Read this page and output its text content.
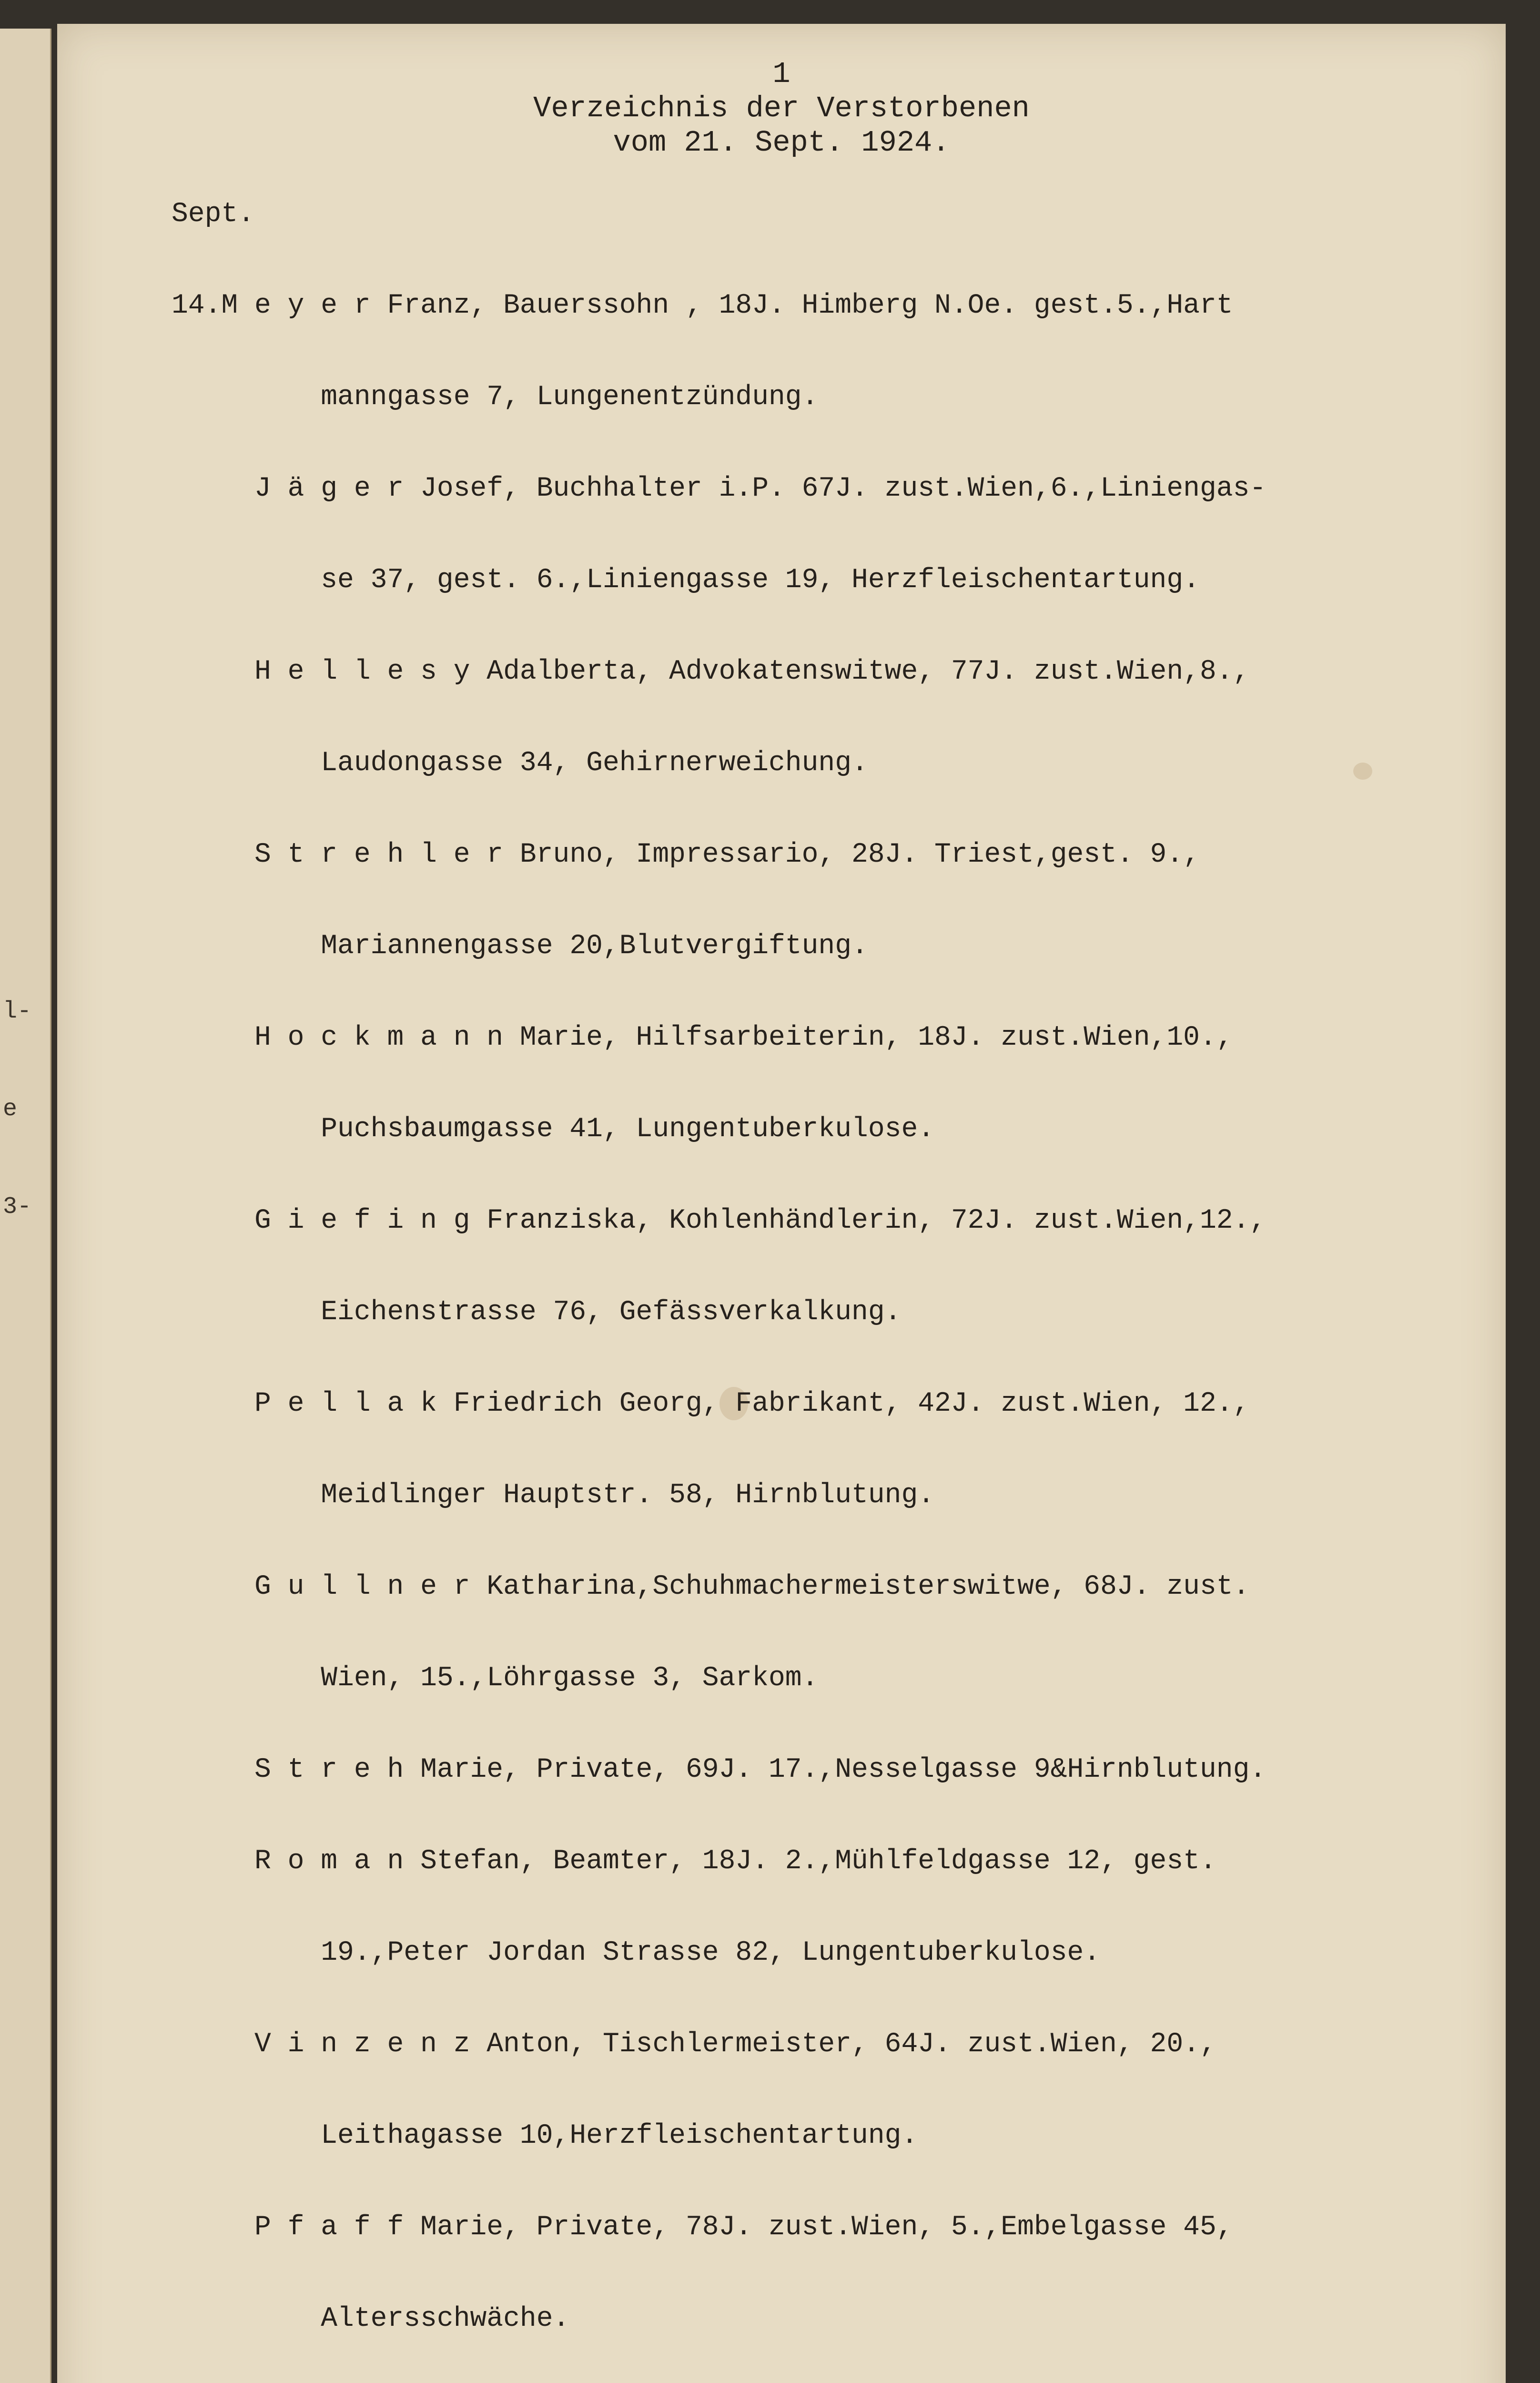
l-
e
3-
1
Verzeichnis der Verstorbenen
vom 21. Sept. 1924.

Sept.

14.M e y e r Franz, Bauerssohn , 18J. Himberg N.Oe. gest.5.,Hart

manngasse 7, Lungenentzündung.

J ä g e r Josef, Buchhalter i.P. 67J. zust.Wien,6.,Liniengas-

se 37, gest. 6.,Liniengasse 19, Herzfleischentartung.

H e l l e s y Adalberta, Advokatenswitwe, 77J. zust.Wien,8.,

Laudongasse 34, Gehirnerweichung.

S t r e h l e r Bruno, Impressario, 28J. Triest,gest. 9.,

Mariannengasse 20,Blutvergiftung.

H o c k m a n n Marie, Hilfsarbeiterin, 18J. zust.Wien,10.,

Puchsbaumgasse 41, Lungentuberkulose.

G i e f i n g Franziska, Kohlenhändlerin, 72J. zust.Wien,12.,

Eichenstrasse 76, Gefässverkalkung.

P e l l a k Friedrich Georg, Fabrikant, 42J. zust.Wien, 12.,

Meidlinger Hauptstr. 58, Hirnblutung.

G u l l n e r Katharina,Schuhmachermeisterswitwe, 68J. zust.

Wien, 15.,Löhrgasse 3, Sarkom.

S t r e h Marie, Private, 69J. 17.,Nesselgasse 9&Hirnblutung.

R o m a n Stefan, Beamter, 18J. 2.,Mühlfeldgasse 12, gest.

19.,Peter Jordan Strasse 82, Lungentuberkulose.

V i n z e n z Anton, Tischlermeister, 64J. zust.Wien, 20.,

Leithagasse 10,Herzfleischentartung.

P f a f f Marie, Private, 78J. zust.Wien, 5.,Embelgasse 45,

Altersschwäche.
